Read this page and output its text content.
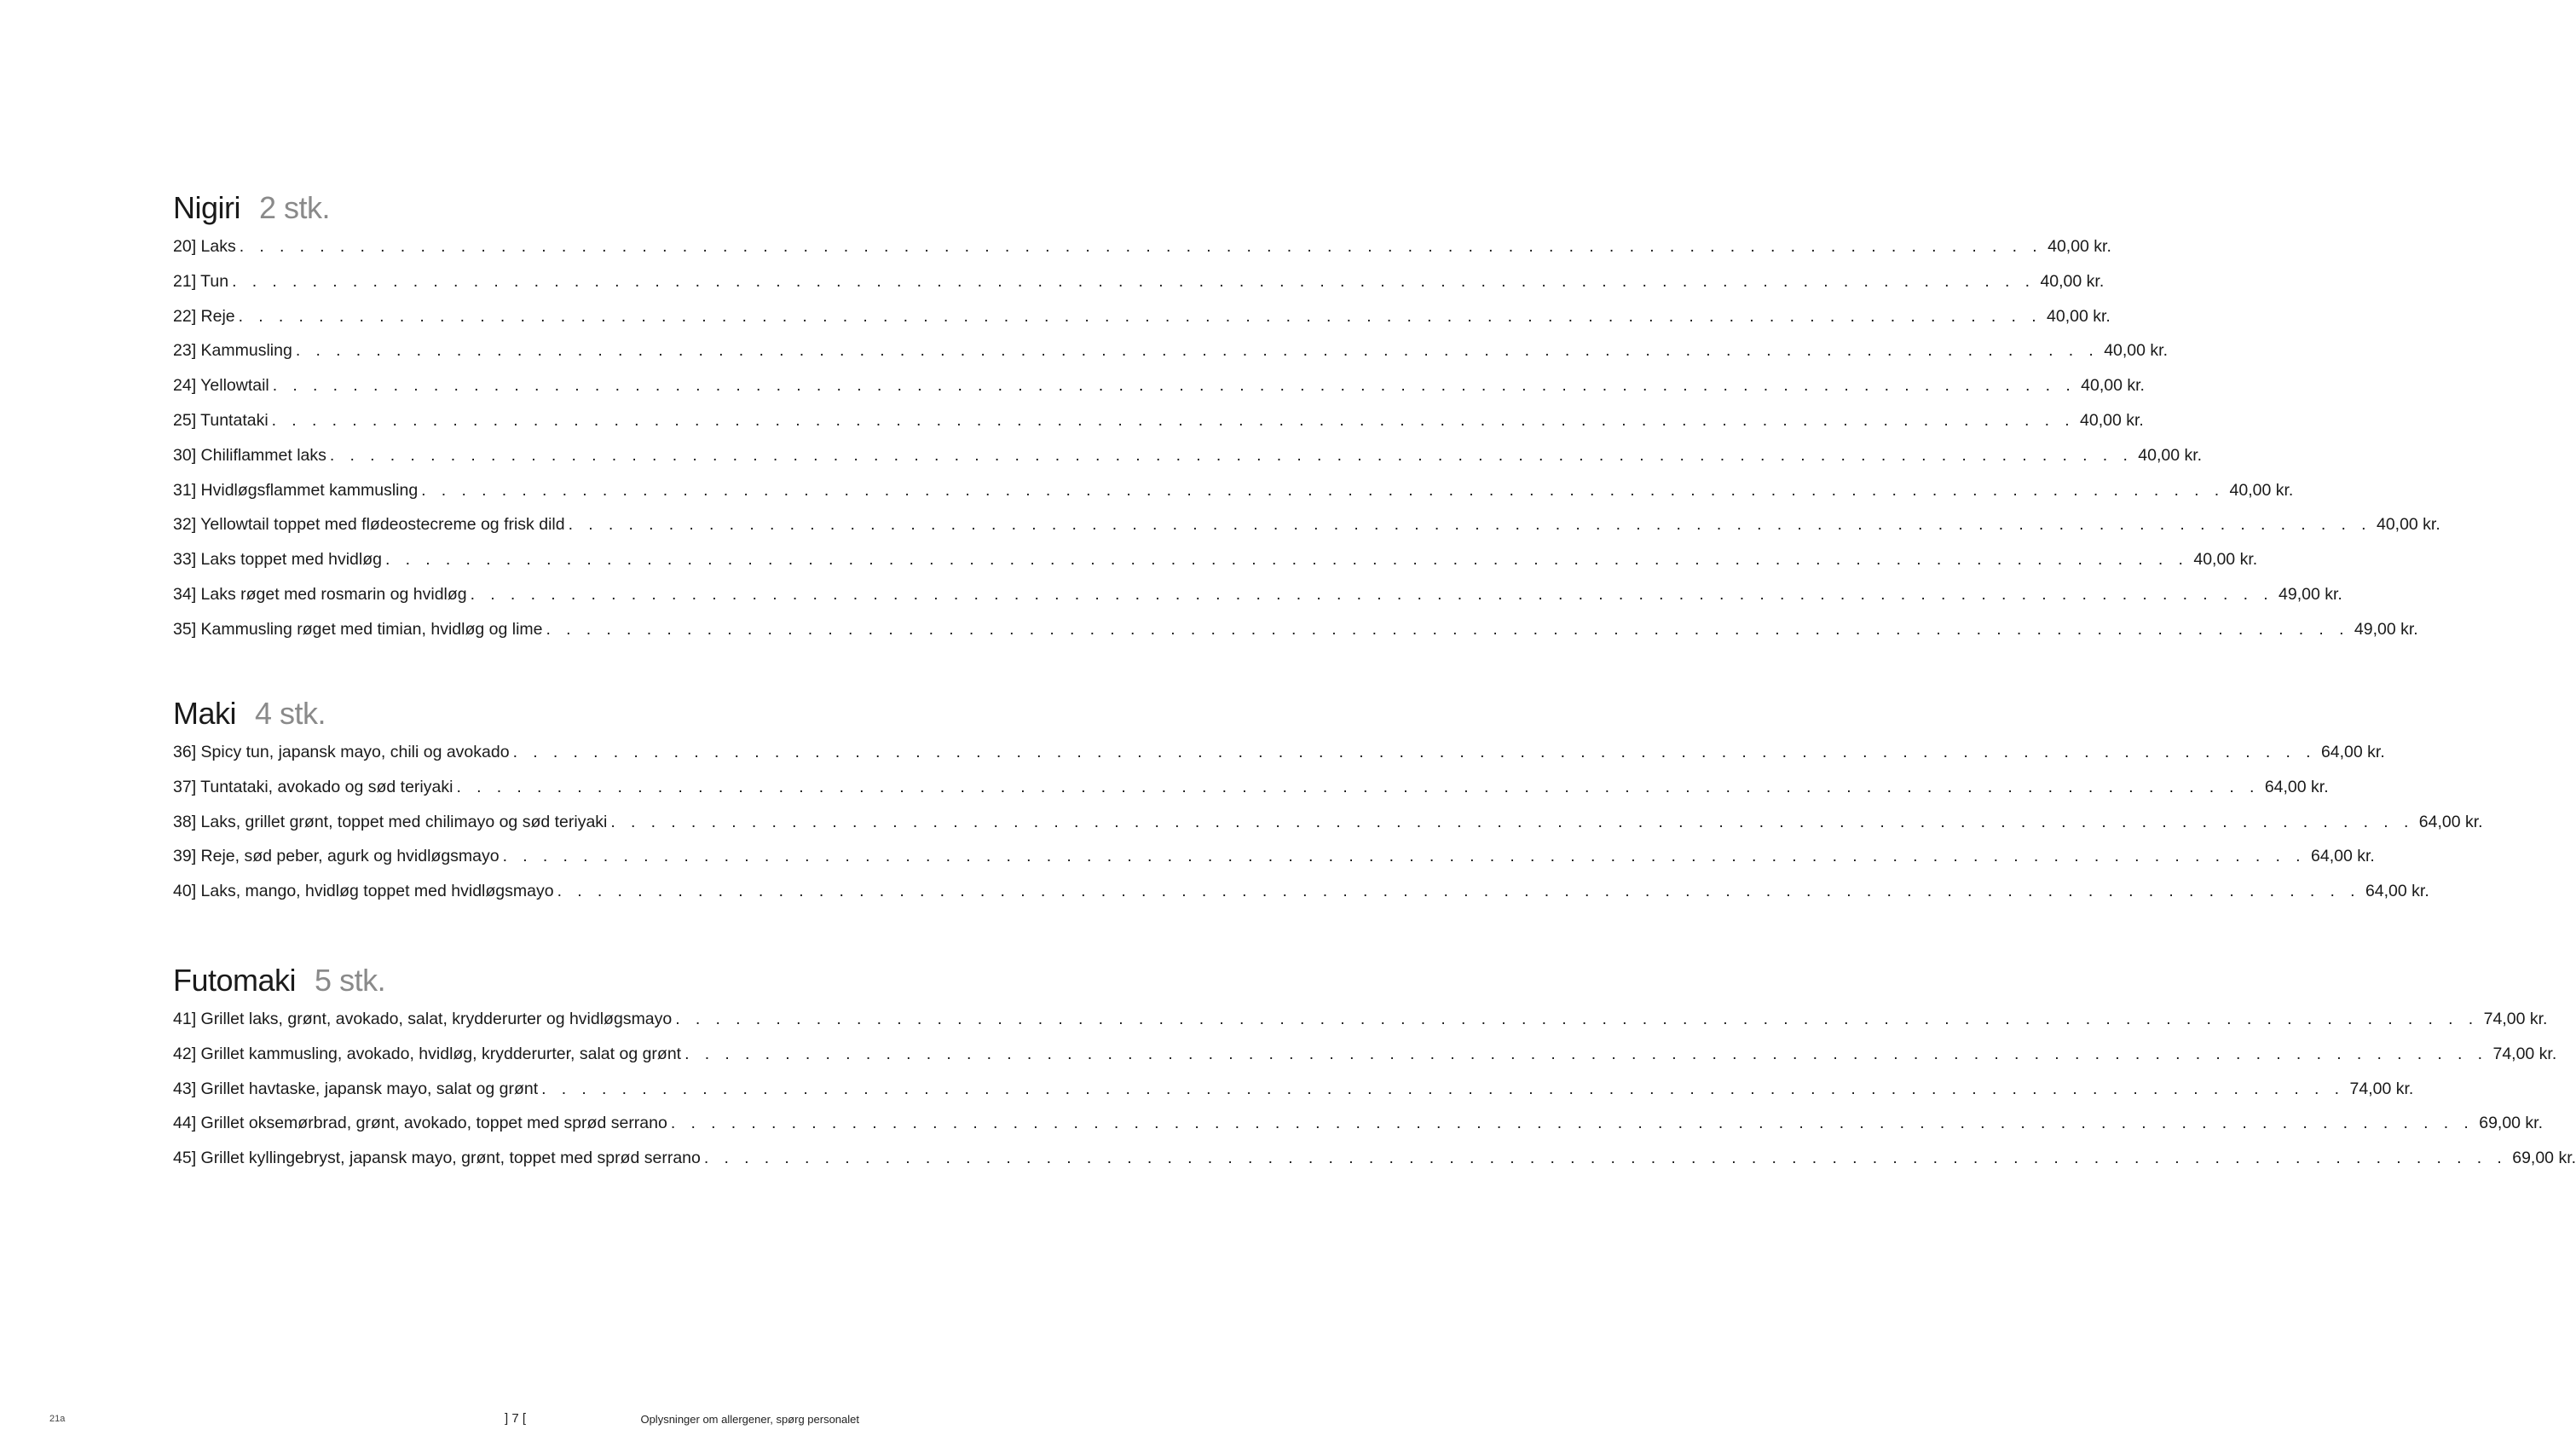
Nigiri 2 stk.
20] Laks . . . . . . . . . . . . . . . . . . . . . . . . . . . . . . . . . . . . . . . . . . . . . . . . . . . . . . . . . . . . . . . . . . . . . . . . . . . . . . . . . . . . . . . . . . 40,00 kr.
21] Tun . . . . . . . . . . . . . . . . . . . . . . . . . . . . . . . . . . . . . . . . . . . . . . . . . . . . . . . . . . . . . . . . . . . . . . . . . . . . . . . . . . . . . . . . . . 40,00 kr.
22] Reje . . . . . . . . . . . . . . . . . . . . . . . . . . . . . . . . . . . . . . . . . . . . . . . . . . . . . . . . . . . . . . . . . . . . . . . . . . . . . . . . . . . . . . . . . . 40,00 kr.
23] Kammusling . . . . . . . . . . . . . . . . . . . . . . . . . . . . . . . . . . . . . . . . . . . . . . . . . . . . . . . . . . . . . . . . . . . . . . . . . . . . . . . . . . . . . . . . . . 40,00 kr.
24] Yellowtail . . . . . . . . . . . . . . . . . . . . . . . . . . . . . . . . . . . . . . . . . . . . . . . . . . . . . . . . . . . . . . . . . . . . . . . . . . . . . . . . . . . . . . . . . . 40,00 kr.
25] Tuntataki . . . . . . . . . . . . . . . . . . . . . . . . . . . . . . . . . . . . . . . . . . . . . . . . . . . . . . . . . . . . . . . . . . . . . . . . . . . . . . . . . . . . . . . . . . 40,00 kr.
30] Chiliflammet laks . . . . . . . . . . . . . . . . . . . . . . . . . . . . . . . . . . . . . . . . . . . . . . . . . . . . . . . . . . . . . . . . . . . . . . . . . . . . . . . . . . . . . . . . . . 40,00 kr.
31] Hvidløgsflammet kammusling . . . . . . . . . . . . . . . . . . . . . . . . . . . . . . . . . . . . . . . . . . . . . . . . . . . . . . . . . . . . . . . . . . . . . . . . . . . . . . . . . . . . . . . . . . 40,00 kr.
32] Yellowtail toppet med flødeostecreme og frisk dild . . . . . . . . . . . . . . . . . . . . . . . . . . . . . . . . . . . . . . . . . . . . . . . . . . . . . . . . . . . . . . . . . . . . . . . . . . . . . . . . . . . . . . . . . . 40,00 kr.
33] Laks toppet med hvidløg . . . . . . . . . . . . . . . . . . . . . . . . . . . . . . . . . . . . . . . . . . . . . . . . . . . . . . . . . . . . . . . . . . . . . . . . . . . . . . . . . . . . . . . . . . 40,00 kr.
34] Laks røget med rosmarin og hvidløg . . . . . . . . . . . . . . . . . . . . . . . . . . . . . . . . . . . . . . . . . . . . . . . . . . . . . . . . . . . . . . . . . . . . . . . . . . . . . . . . . . . . . . . . . . 49,00 kr.
35] Kammusling røget med timian, hvidløg og lime . . . . . . . . . . . . . . . . . . . . . . . . . . . . . . . . . . . . . . . . . . . . . . . . . . . . . . . . . . . . . . . . . . . . . . . . . . . . . . . . . . . . . . . . . . 49,00 kr.
Maki 4 stk.
36] Spicy tun, japansk mayo, chili og avokado . . . . . . . . . . . . . . . . . . . . . . . . . . . . . . . . . . . . . . . . . . . . . . . . . . . . . . . . . . . . . . . . . . . . . . . . . . . . . . . . . . . . . . . . . . 64,00 kr.
37] Tuntataki, avokado og sød teriyaki . . . . . . . . . . . . . . . . . . . . . . . . . . . . . . . . . . . . . . . . . . . . . . . . . . . . . . . . . . . . . . . . . . . . . . . . . . . . . . . . . . . . . . . . . . 64,00 kr.
38] Laks, grillet grønt, toppet med chilimayo og sød teriyaki . . . . . . . . . . . . . . . . . . . . . . . . . . . . . . . . . . . . . . . . . . . . . . . . . . . . . . . . . . . . . . . . . . . . . . . . . . . . . . . . . . . . . . . . . . 64,00 kr.
39] Reje, sød peber, agurk og hvidløgsmayo . . . . . . . . . . . . . . . . . . . . . . . . . . . . . . . . . . . . . . . . . . . . . . . . . . . . . . . . . . . . . . . . . . . . . . . . . . . . . . . . . . . . . . . . . . 64,00 kr.
40] Laks, mango, hvidløg toppet med hvidløgsmayo . . . . . . . . . . . . . . . . . . . . . . . . . . . . . . . . . . . . . . . . . . . . . . . . . . . . . . . . . . . . . . . . . . . . . . . . . . . . . . . . . . . . . . . . . . 64,00 kr.
Futomaki 5 stk.
41] Grillet laks, grønt, avokado, salat, krydderurter og hvidløgsmayo . . . . . . . . . . . . . . . . . . . . . . . . . . . . . . . . . . . . . . . . . . . . . . . . . . . . . . . . . . . . . . . . . . . . . . . . . . . . . . . . . . . . . . . . . . 74,00 kr.
42] Grillet kammusling, avokado, hvidløg, krydderurter, salat og grønt . . . . . . . . . . . . . . . . . . . . . . . . . . . . . . . . . . . . . . . . . . . . . . . . . . . . . . . . . . . . . . . . . . . . . . . . . . . . . . . . . . . . . . . . . . 74,00 kr.
43] Grillet havtaske, japansk mayo, salat og grønt . . . . . . . . . . . . . . . . . . . . . . . . . . . . . . . . . . . . . . . . . . . . . . . . . . . . . . . . . . . . . . . . . . . . . . . . . . . . . . . . . . . . . . . . . . 74,00 kr.
44] Grillet oksemørbrad, grønt, avokado, toppet med sprød serrano . . . . . . . . . . . . . . . . . . . . . . . . . . . . . . . . . . . . . . . . . . . . . . . . . . . . . . . . . . . . . . . . . . . . . . . . . . . . . . . . . . . . . . . . . . 69,00 kr.
45] Grillet kyllingebryst, japansk mayo, grønt, toppet med sprød serrano . . . . . . . . . . . . . . . . . . . . . . . . . . . . . . . . . . . . . . . . . . . . . . . . . . . . . . . . . . . . . . . . . . . . . . . . . . . . . . . . . . . . . . . . . . 69,00 kr.
21a	] 7 [	Oplysninger om allergener, spørg personalet
